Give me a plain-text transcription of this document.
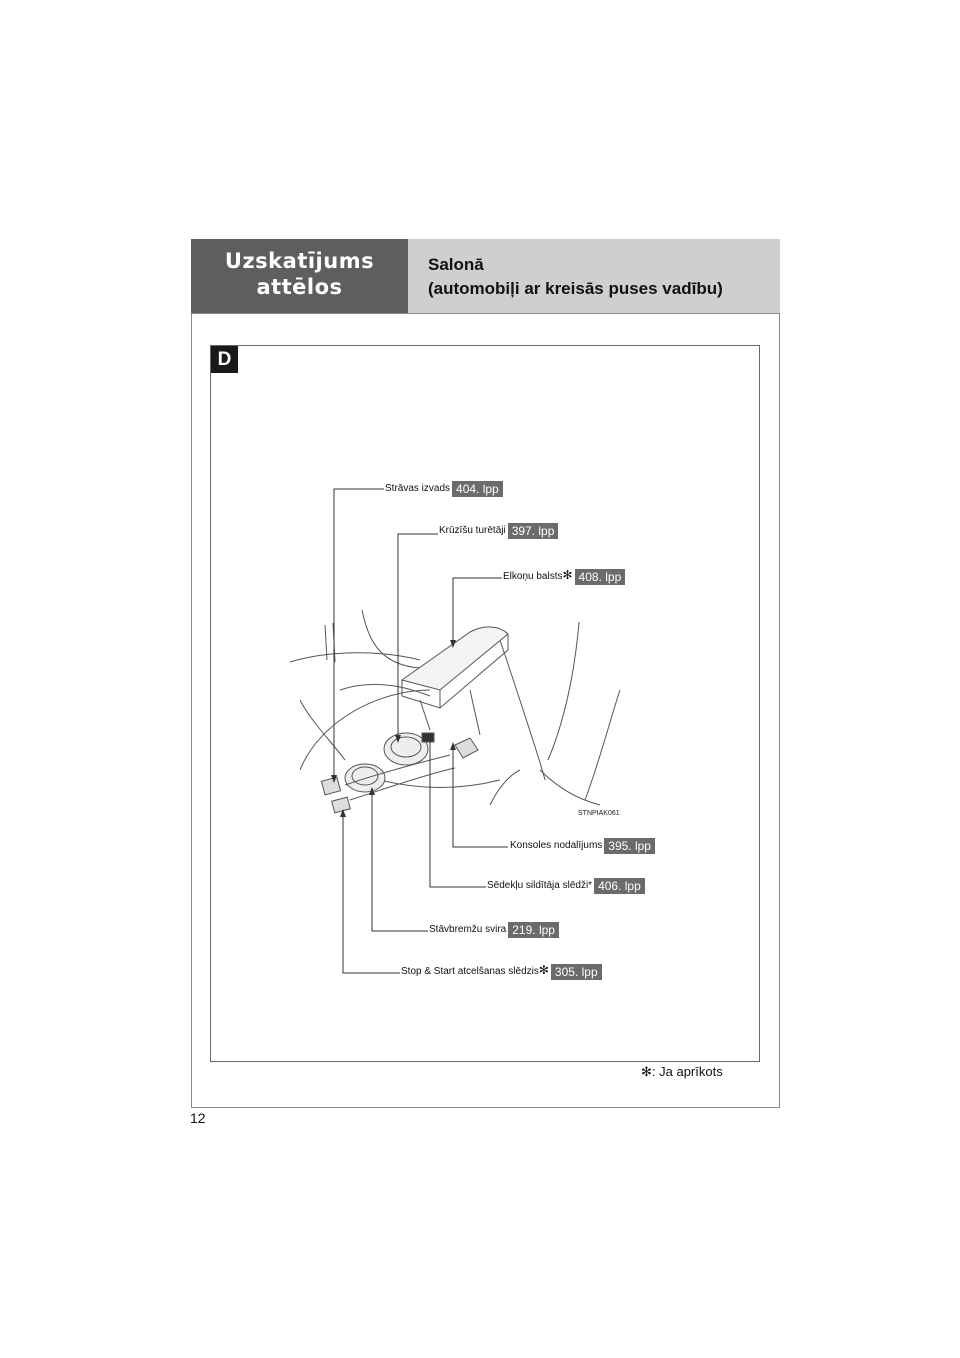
Uzskatījums
attēlos
Salonā
(automobiļi ar kreisās puses vadību)
D
STNPIAK061
Strāvas izvads 404. lpp
Krūzīšu turētāji 397. lpp
Elkoņu balsts✻ 408. lpp
Konsoles nodalījums 395. lpp
Sēdekļu sildītāja slēdži* 406. lpp
Stāvbremžu svira 219. lpp
Stop & Start atcelšanas slēdzis✻ 305. lpp
✻: Ja aprīkots
12
